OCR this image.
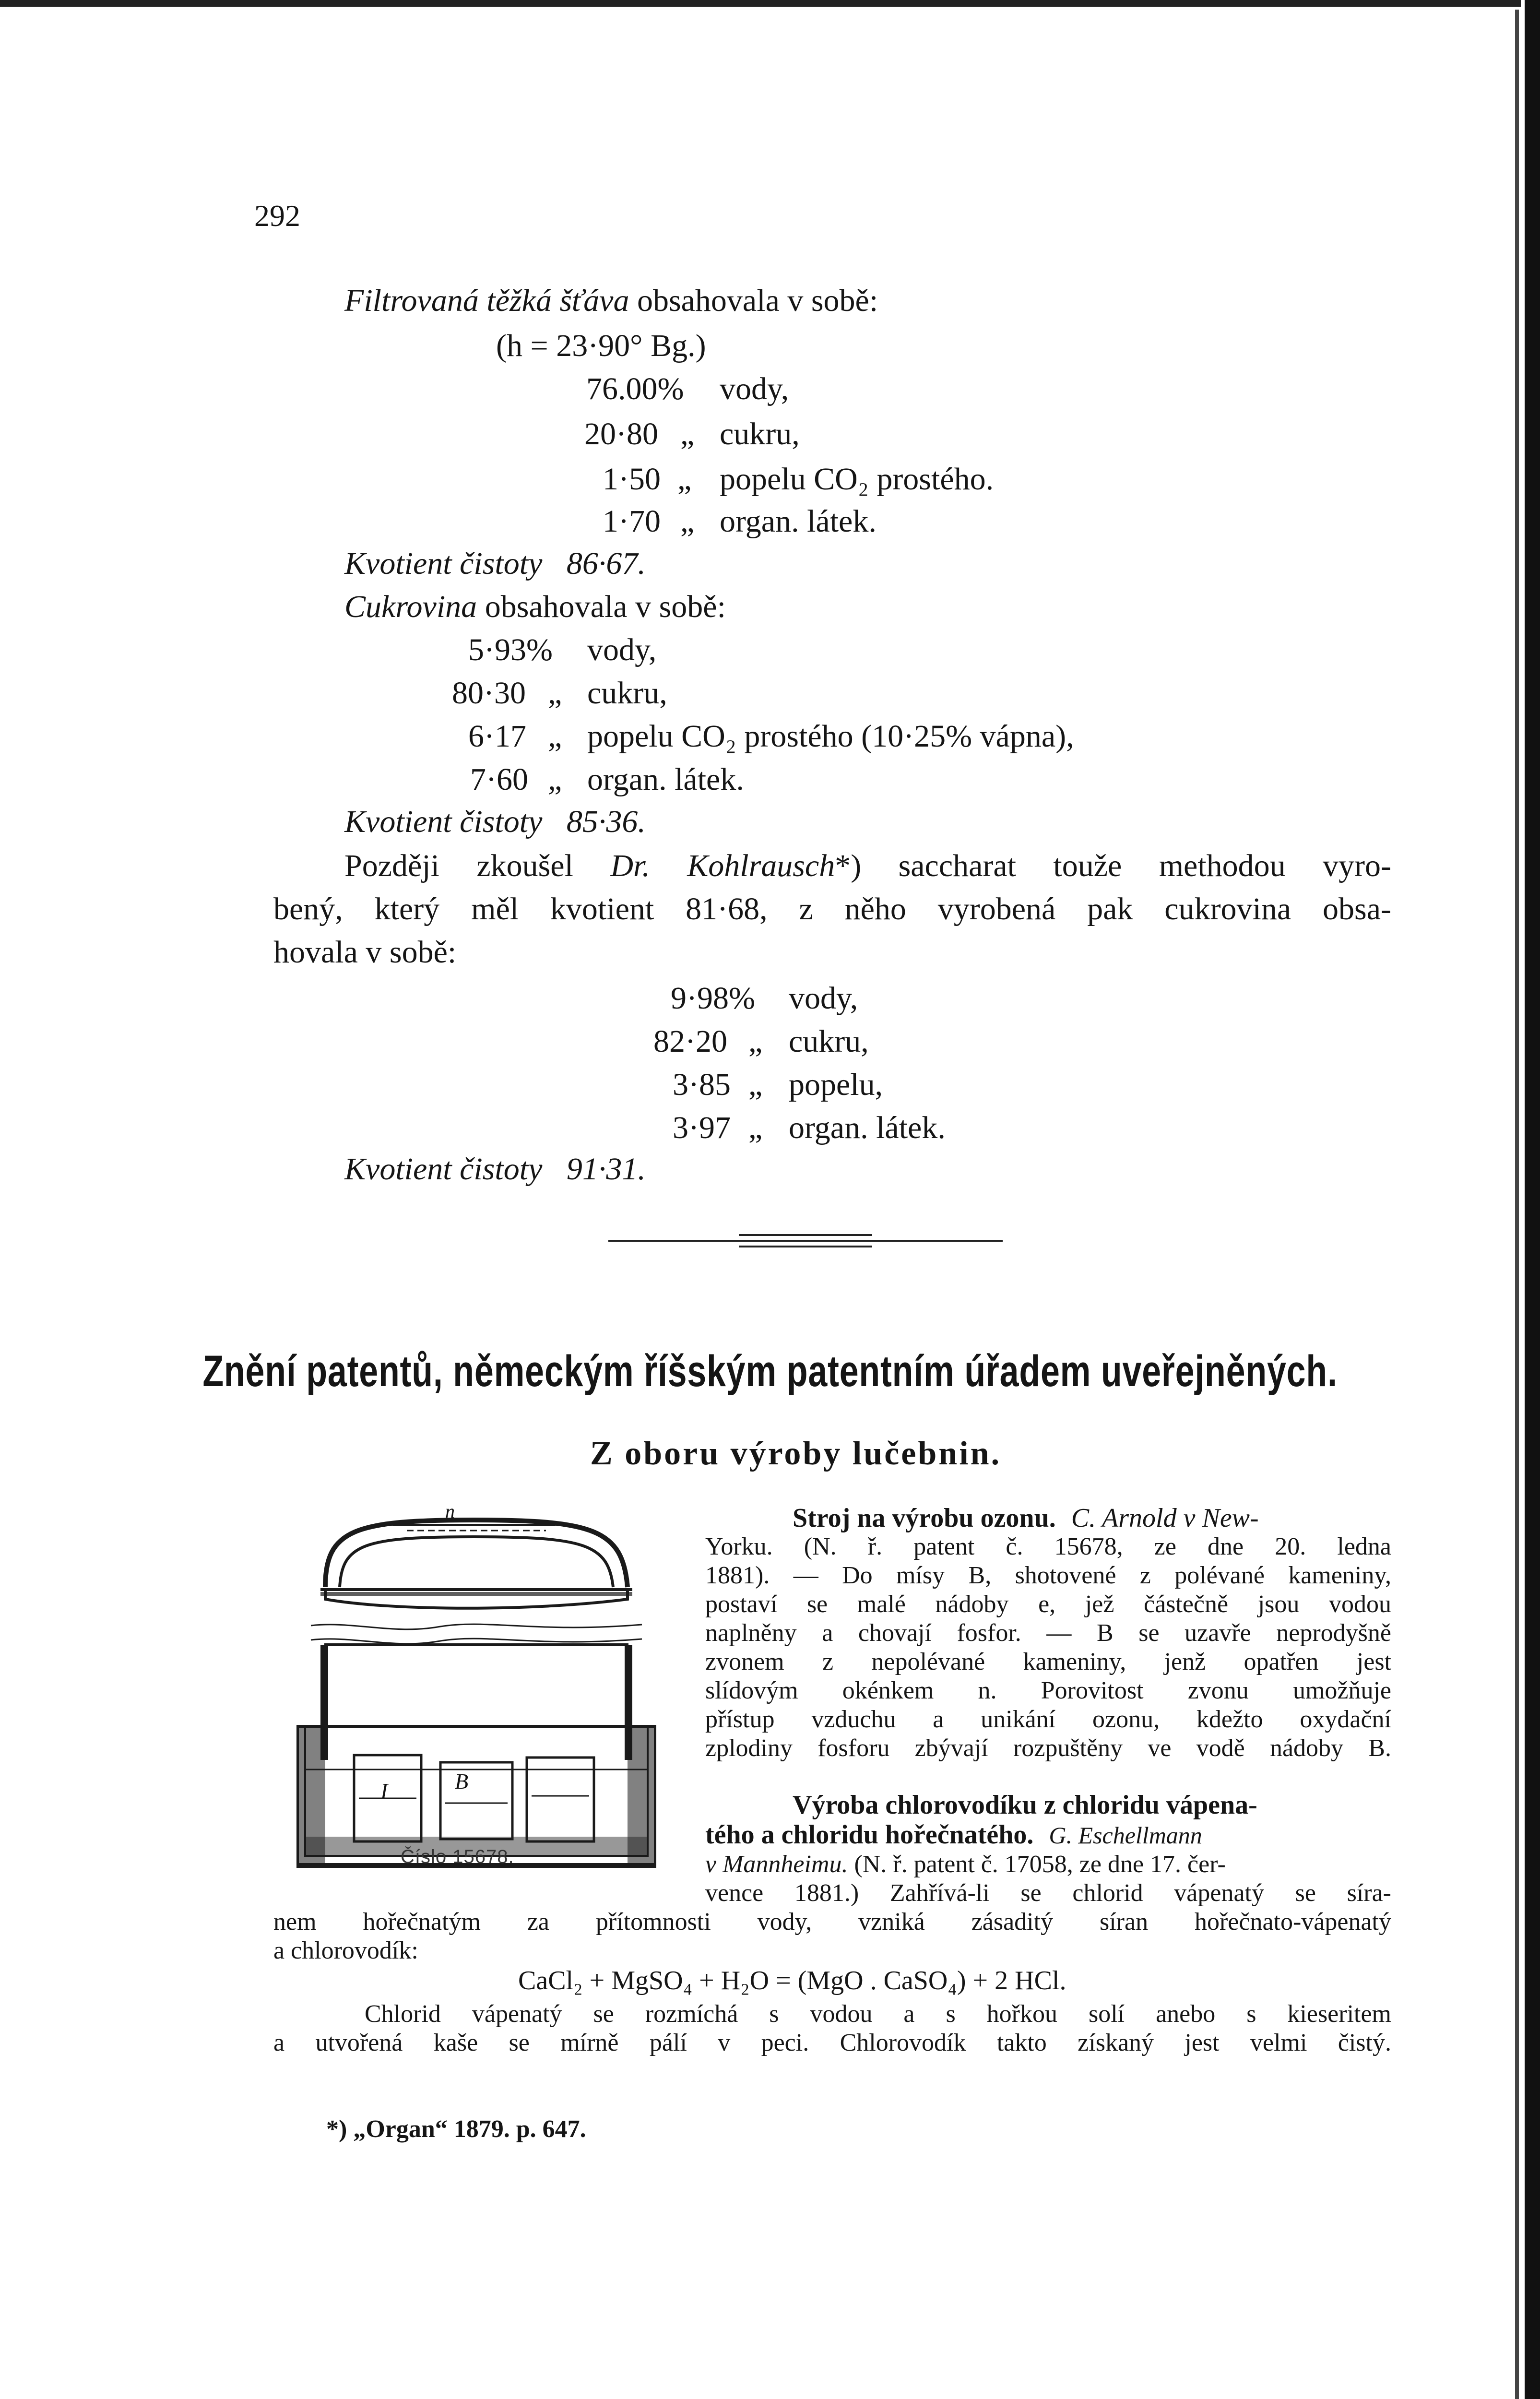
292
Filtrovaná těžká šťáva obsahovala v sobě:
(h = 23·90° Bg.)
76.00% vody,
20·80 „ cukru,
1·50 „ popelu CO₂ prostého.
1·70 „ organ. látek.
Kvotient čistoty 86·67.
Cukrovina obsahovala v sobě:
5·93% vody,
80·30 „ cukru,
6·17 „ popelu CO₂ prostého (10·25% vápna),
7·60 „ organ. látek.
Kvotient čistoty 85·36.
Později zkoušel Dr. Kohlrausch*) saccharat touže methodou vyro-
bený, který měl kvotient 81·68, z něho vyrobená pak cukrovina obsa-
hovala v sobě:
9·98% vody,
82·20 „ cukru,
3·85 „ popelu,
3·97 „ organ. látek.
Kvotient čistoty 91·31.
Znění patentů, německým říšským patentním úřadem uveřejněných.
Z oboru výroby lučebnin.
I	B
n
Číslo 15678.
Stroj na výrobu ozonu. C. Arnold v New-
Yorku. (N. ř. patent č. 15678, ze dne 20. ledna
1881). — Do mísy B, shotovené z polévané kameniny,
postaví se malé nádoby e, jež částečně jsou vodou
naplněny a chovají fosfor. — B se uzavře neprodyšně
zvonem z nepolévané kameniny, jenž opatřen jest
slídovým okénkem n. Porovitost zvonu umožňuje
přístup vzduchu a unikání ozonu, kdežto oxydační
zplodiny fosforu zbývají rozpuštěny ve vodě nádoby B.
Výroba chlorovodíku z chloridu vápena-
tého a chloridu hořečnatého. G. Eschellmann
v Mannheimu. (N. ř. patent č. 17058, ze dne 17. čer-
vence 1881.) Zahřívá-li se chlorid vápenatý se síra-
nem hořečnatým za přítomnosti vody, vzniká zásaditý síran hořečnato-vápenatý
a chlorovodík:
CaCl₂ + MgSO₄ + H₂O = (MgO . CaSO₄) + 2 HCl.
Chlorid vápenatý se rozmíchá s vodou a s hořkou solí anebo s kieseritem
a utvořená kaše se mírně pálí v peci. Chlorovodík takto získaný jest velmi čistý.
*) „Organ“ 1879. p. 647.
